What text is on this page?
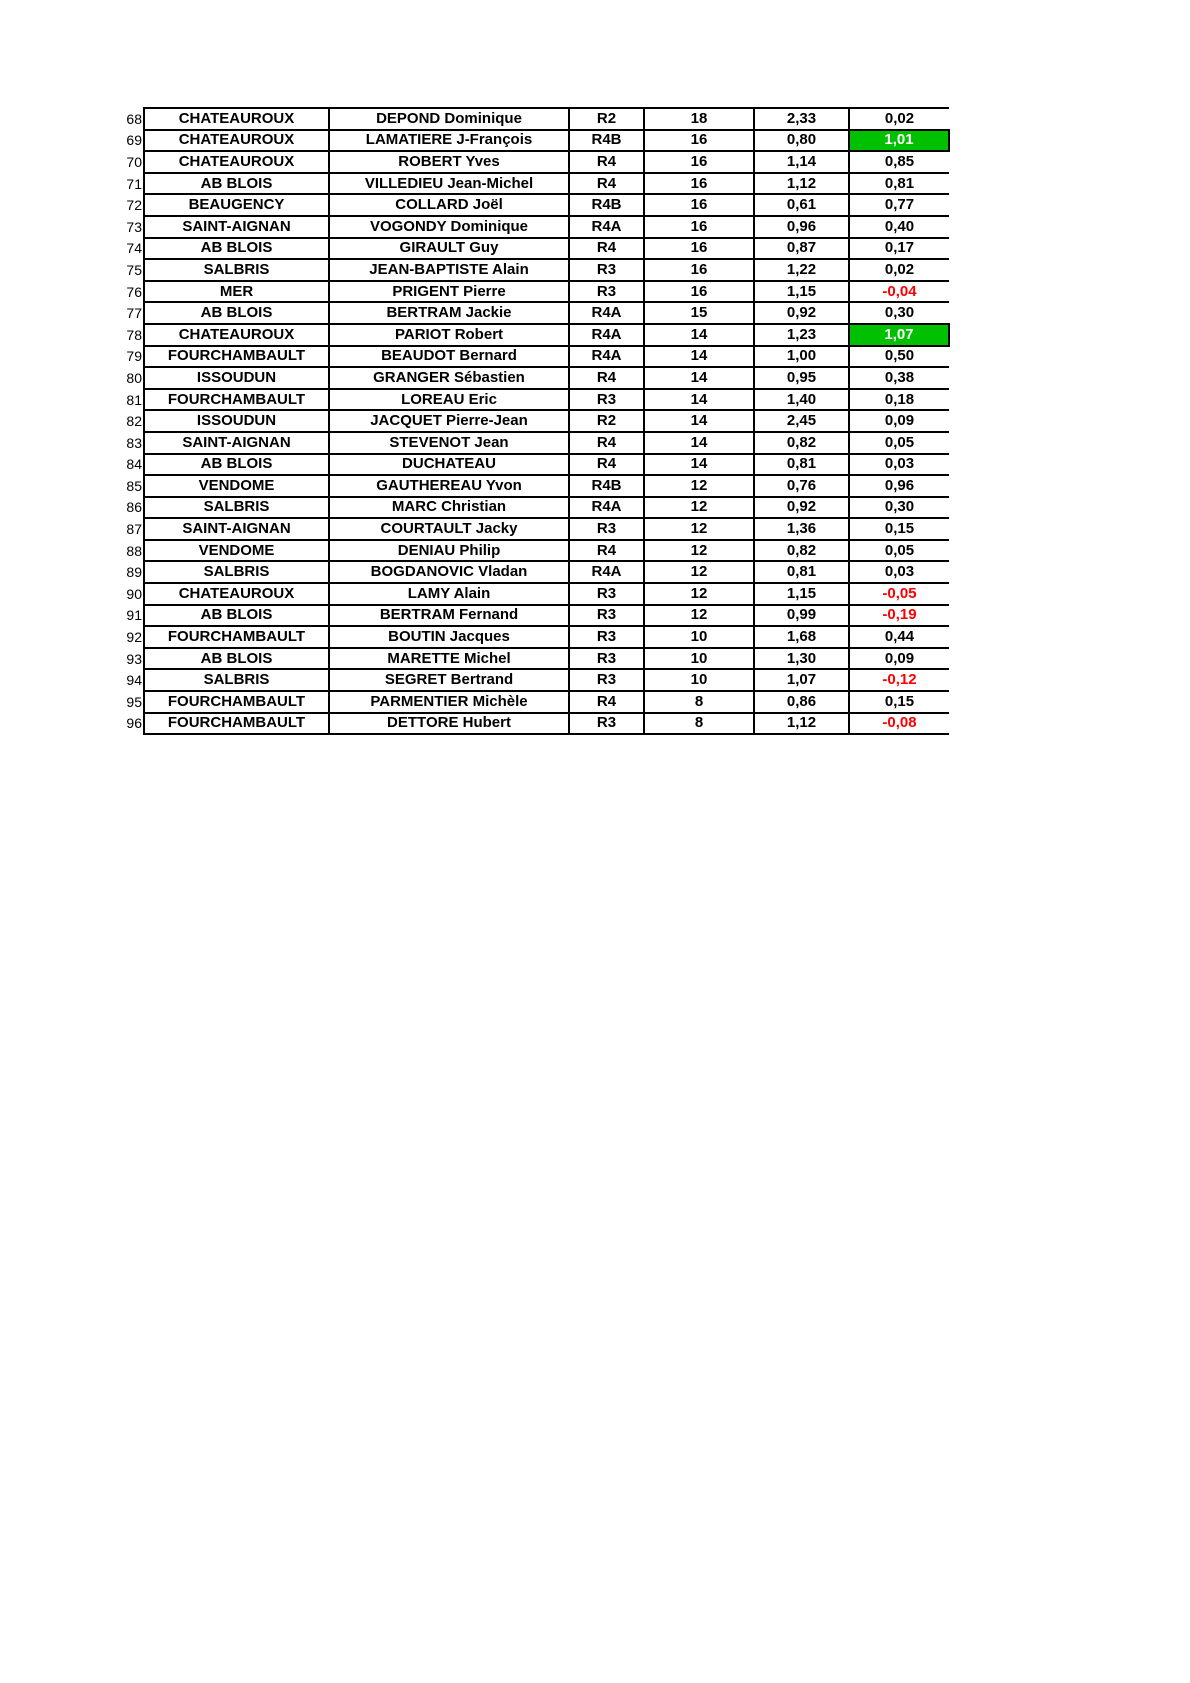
68	CHATEAUROUX	DEPOND Dominique	R2	18	2,33	0,02
69	CHATEAUROUX	LAMATIERE J-François	R4B	16	0,80	1,01
70	CHATEAUROUX	ROBERT Yves	R4	16	1,14	0,85
71	AB BLOIS	VILLEDIEU Jean-Michel	R4	16	1,12	0,81
72	BEAUGENCY	COLLARD Joël	R4B	16	0,61	0,77
73	SAINT-AIGNAN	VOGONDY Dominique	R4A	16	0,96	0,40
74	AB BLOIS	GIRAULT Guy	R4	16	0,87	0,17
75	SALBRIS	JEAN-BAPTISTE Alain	R3	16	1,22	0,02
76	MER	PRIGENT Pierre	R3	16	1,15	-0,04
77	AB BLOIS	BERTRAM Jackie	R4A	15	0,92	0,30
78	CHATEAUROUX	PARIOT Robert	R4A	14	1,23	1,07
79	FOURCHAMBAULT	BEAUDOT Bernard	R4A	14	1,00	0,50
80	ISSOUDUN	GRANGER Sébastien	R4	14	0,95	0,38
81	FOURCHAMBAULT	LOREAU Eric	R3	14	1,40	0,18
82	ISSOUDUN	JACQUET Pierre-Jean	R2	14	2,45	0,09
83	SAINT-AIGNAN	STEVENOT Jean	R4	14	0,82	0,05
84	AB BLOIS	DUCHATEAU	R4	14	0,81	0,03
85	VENDOME	GAUTHEREAU Yvon	R4B	12	0,76	0,96
86	SALBRIS	MARC Christian	R4A	12	0,92	0,30
87	SAINT-AIGNAN	COURTAULT Jacky	R3	12	1,36	0,15
88	VENDOME	DENIAU Philip	R4	12	0,82	0,05
89	SALBRIS	BOGDANOVIC Vladan	R4A	12	0,81	0,03
90	CHATEAUROUX	LAMY Alain	R3	12	1,15	-0,05
91	AB BLOIS	BERTRAM Fernand	R3	12	0,99	-0,19
92	FOURCHAMBAULT	BOUTIN Jacques	R3	10	1,68	0,44
93	AB BLOIS	MARETTE Michel	R3	10	1,30	0,09
94	SALBRIS	SEGRET Bertrand	R3	10	1,07	-0,12
95	FOURCHAMBAULT	PARMENTIER Michèle	R4	8	0,86	0,15
96	FOURCHAMBAULT	DETTORE Hubert	R3	8	1,12	-0,08
